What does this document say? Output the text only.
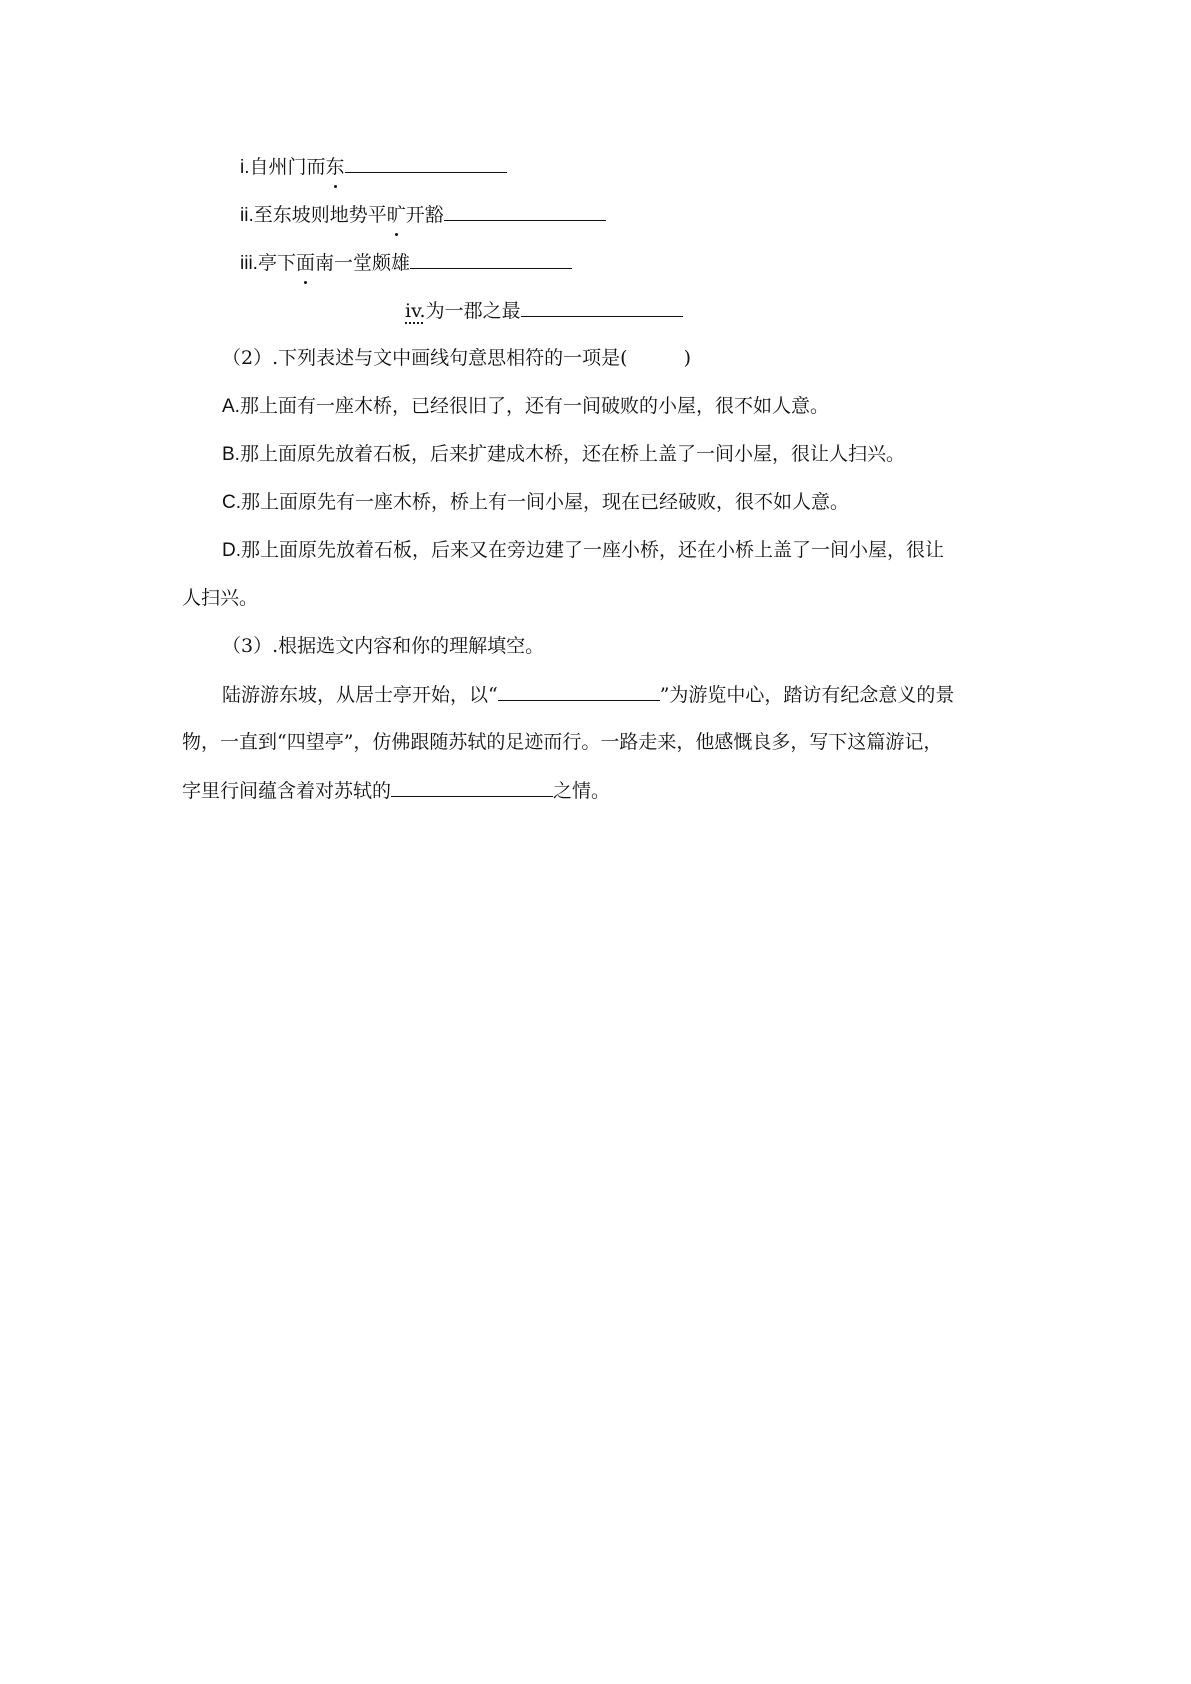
i.自州门而东
ii.至东坡则地势平旷开豁
iii.亭下面南一堂颇雄
iv.为一郡之最
（2）.下列表述与文中画线句意思相符的一项是(	)
A.那上面有一座木桥，已经很旧了，还有一间破败的小屋，很不如人意。
B.那上面原先放着石板，后来扩建成木桥，还在桥上盖了一间小屋，很让人扫兴。
C.那上面原先有一座木桥，桥上有一间小屋，现在已经破败，很不如人意。
D.那上面原先放着石板，后来又在旁边建了一座小桥，还在小桥上盖了一间小屋，很让
人扫兴。
（3）.根据选文内容和你的理解填空。
陆游游东坡，从居士亭开始，以“	”为游览中心，踏访有纪念意义的景
物，一直到“四望亭”，仿佛跟随苏轼的足迹而行。一路走来，他感慨良多，写下这篇游记，
字里行间蕴含着对苏轼的	之情。
